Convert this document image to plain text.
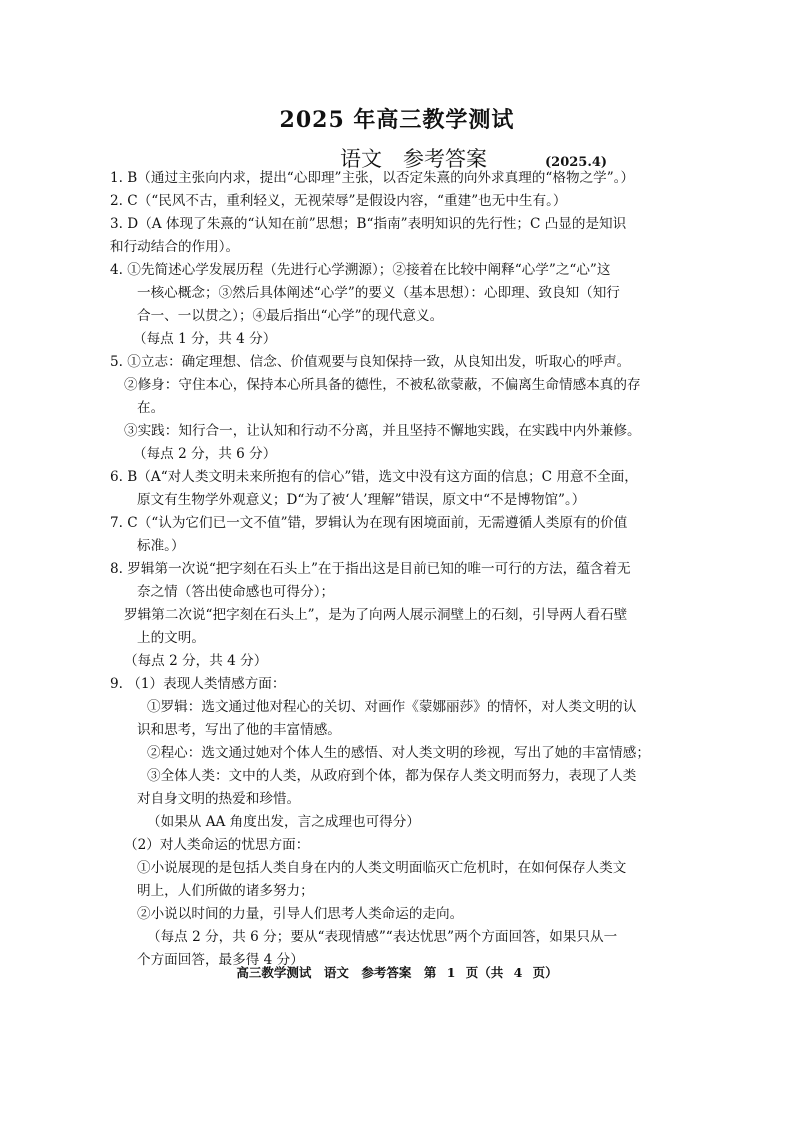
2025 年高三教学测试
语文　参考答案	(2025.4)

1. B（通过主张向内求，提出“心即理”主张，以否定朱熹的向外求真理的“格物之学”。）

2. C（“民风不古，重利轻义，无视荣辱”是假设内容，“重建”也无中生有。）

3. D（A 体现了朱熹的“认知在前”思想；B“指南”表明知识的先行性；C 凸显的是知识

和行动结合的作用）。

4. ①先简述心学发展历程（先进行心学溯源）；②接着在比较中阐释“心学”之“心”这

一核心概念；③然后具体阐述“心学”的要义（基本思想）：心即理、致良知（知行

合一、一以贯之）；④最后指出“心学”的现代意义。

（每点 1 分，共 4 分）

5. ①立志：确定理想、信念、价值观要与良知保持一致，从良知出发，听取心的呼声。

②修身：守住本心，保持本心所具备的德性，不被私欲蒙蔽，不偏离生命情感本真的存

在。

③实践：知行合一，让认知和行动不分离，并且坚持不懈地实践，在实践中内外兼修。

（每点 2 分，共 6 分）

6. B（A“对人类文明未来所抱有的信心”错，选文中没有这方面的信息；C 用意不全面，

原文有生物学外观意义；D“为了被‘人’理解”错误，原文中“不是博物馆”。）

7. C（“认为它们已一文不值”错，罗辑认为在现有困境面前，无需遵循人类原有的价值

标准。）

8. 罗辑第一次说“把字刻在石头上”在于指出这是目前已知的唯一可行的方法，蕴含着无

奈之情（答出使命感也可得分）；

罗辑第二次说“把字刻在石头上”，是为了向两人展示洞壁上的石刻，引导两人看石壁

上的文明。

（每点 2 分，共 4 分）

9. （1）表现人类情感方面：

①罗辑：选文通过他对程心的关切、对画作《蒙娜丽莎》的情怀，对人类文明的认

识和思考，写出了他的丰富情感。

②程心：选文通过她对个体人生的感悟、对人类文明的珍视，写出了她的丰富情感；

③全体人类：文中的人类，从政府到个体，都为保存人类文明而努力，表现了人类

对自身文明的热爱和珍惜。

（如果从 AA 角度出发，言之成理也可得分）

（2）对人类命运的忧思方面：

①小说展现的是包括人类自身在内的人类文明面临灭亡危机时，在如何保存人类文

明上，人们所做的诸多努力；

②小说以时间的力量，引导人们思考人类命运的走向。

（每点 2 分，共 6 分；要从“表现情感”“表达忧思”两个方面回答，如果只从一

个方面回答，最多得 4 分）

高三教学测试　语文　参考答案　第 1 页（共 4 页）
